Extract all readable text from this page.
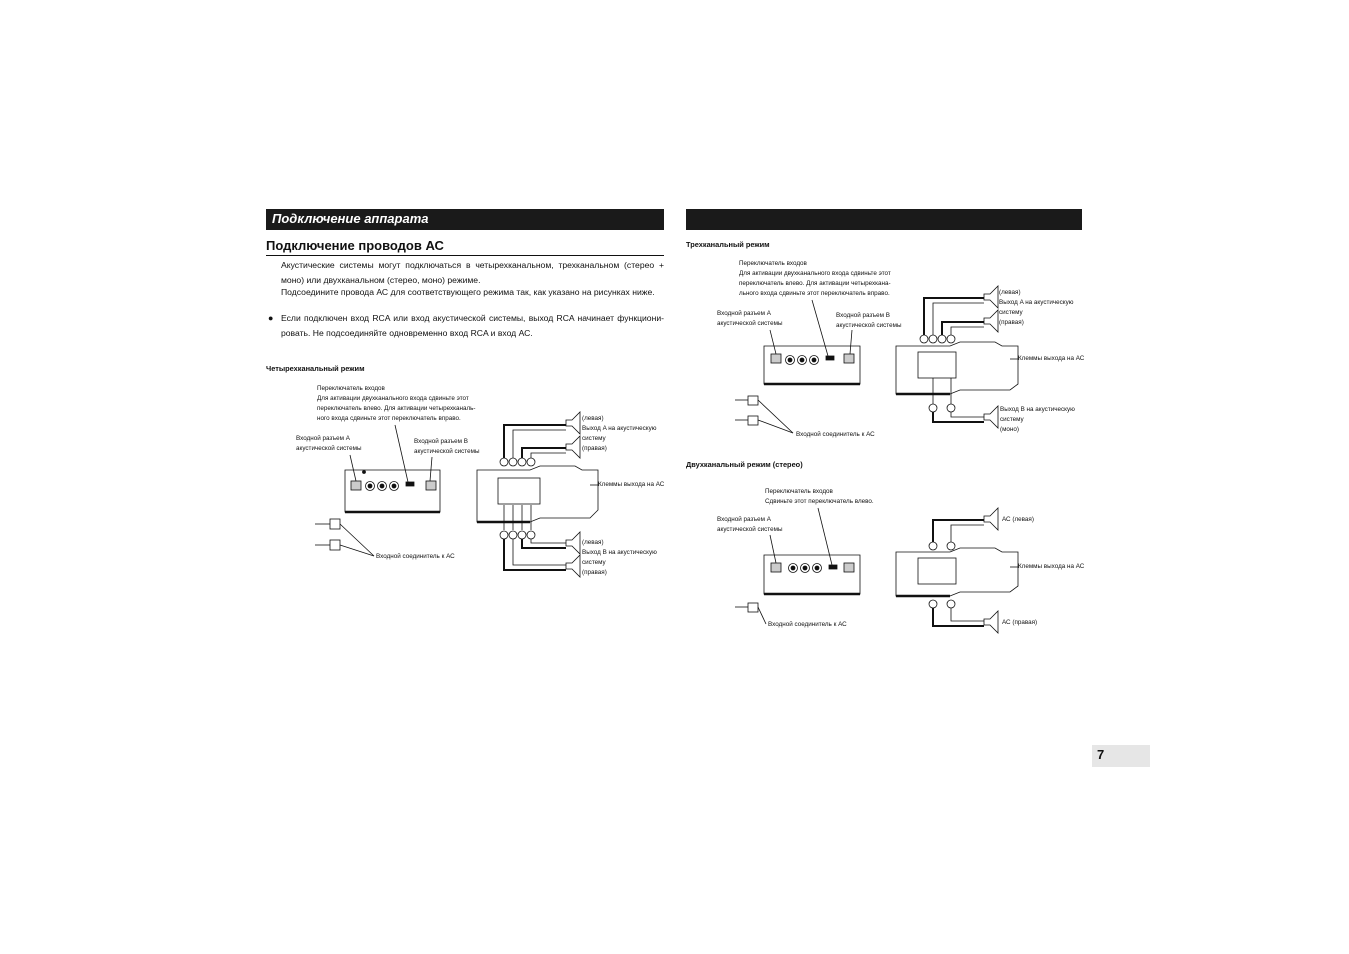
Подключение аппарата
Подключение проводов АС
Акустические системы могут подключаться в четырехканальном, трехканальном (стерео + моно) или двухканальном (стерео, моно) режиме.
Подсоедините провода АС для соответствующего режима так, как указано на рисунках ниже.
● Если подключен вход RCA или вход акустической системы, выход RCA начинает функциони-ровать. Не подсоединяйте одновременно вход RCA и вход АС.
Четырехканальный режим
Переключатель входов
Для активации двухканального входа сдвиньте этот
переключатель влево. Для активации четырехканаль-
ного входа сдвиньте этот переключатель вправо.
Входной разъем A
акустической системы
Входной разъем B
акустической системы
(левая)
Выход A на акустическую
систему
(правая)
Клеммы выхода на АС
(левая)
Выход B на акустическую
систему
(правая)
Входной соединитель к АС
Трехканальный режим
Переключатель входов
Для активации двухканального входа сдвиньте этот
переключатель влево. Для активации четырехкана-
льного входа сдвиньте этот переключатель вправо.
Входной разъем A
акустической системы
Входной разъем B
акустической системы
(левая)
Выход A на акустическую
систему
(правая)
Клеммы выхода на АС
Выход B на акустическую
систему
(моно)
Входной соединитель к АС
Двухканальный режим (стерео)
Переключатель входов
Сдвиньте этот переключатель влево.
Входной разъем A
акустической системы
АС (левая)
Клеммы выхода на АС
АС (правая)
Входной соединитель к АС
7
